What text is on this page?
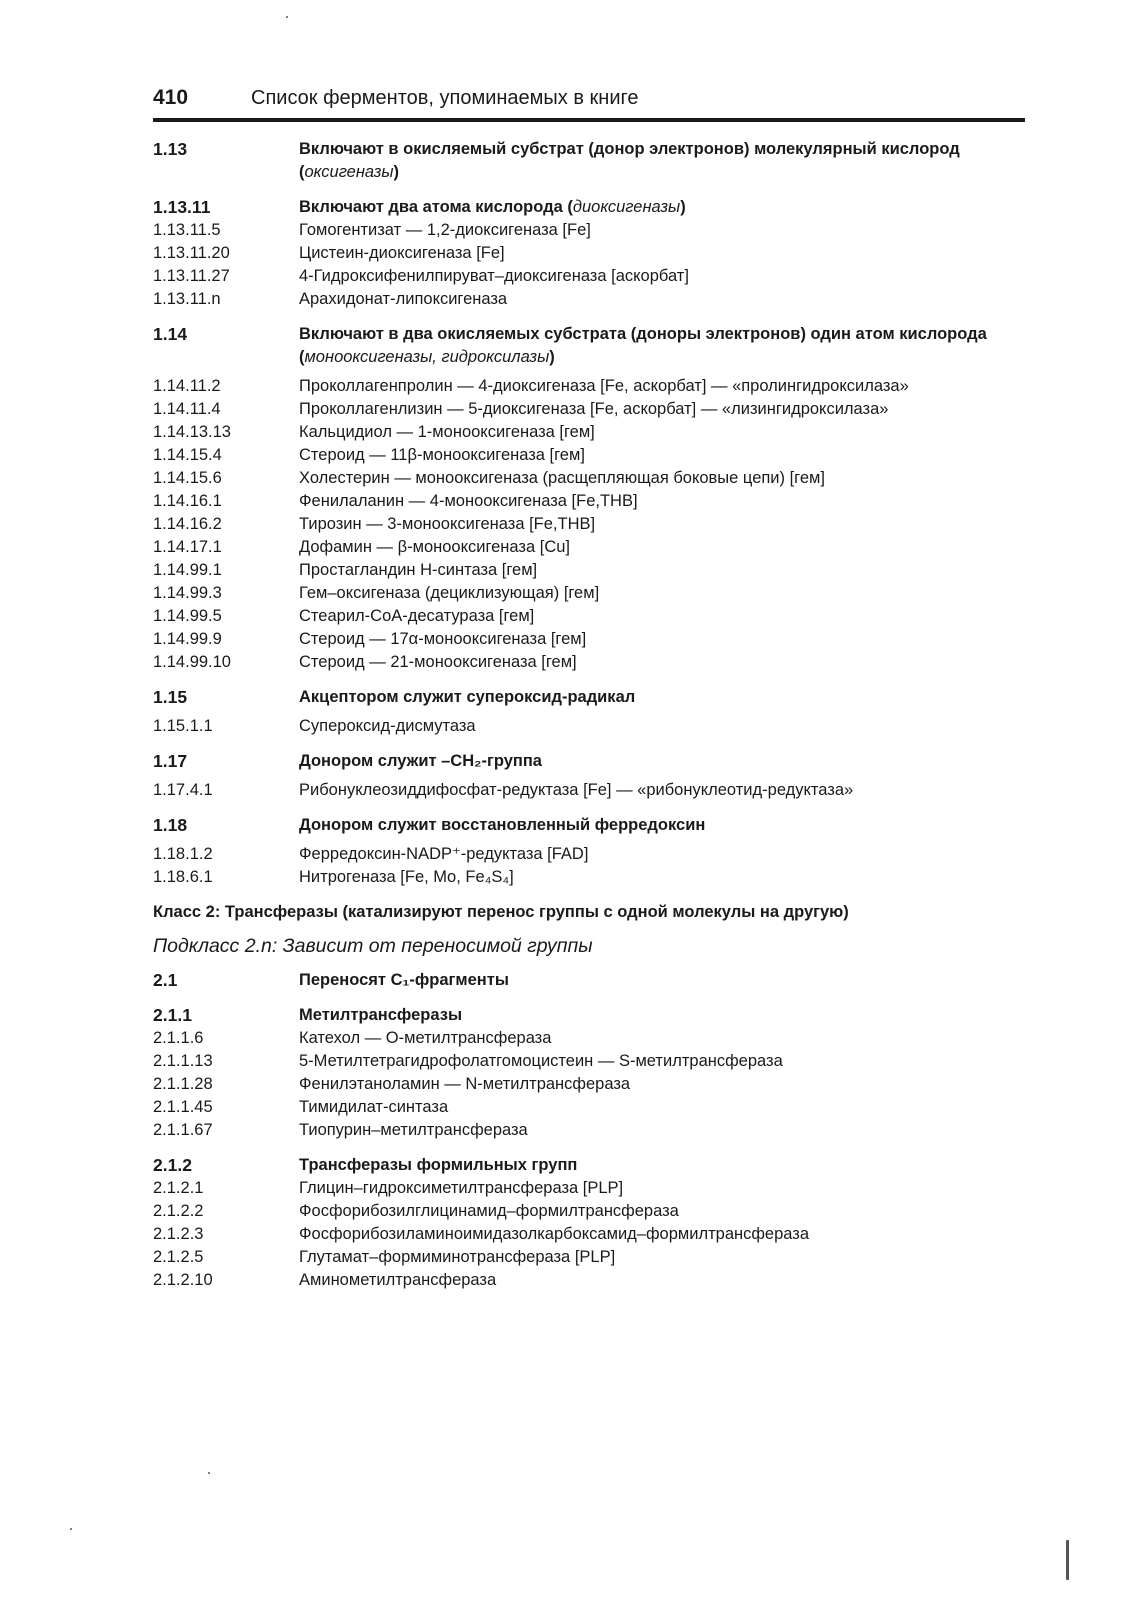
410	Список ферментов, упоминаемых в книге
1.13	Включают в окисляемый субстрат (донор электронов) молекулярный кислород (оксигеназы)
1.13.11	Включают два атома кислорода (диоксигеназы)
1.13.11.5	Гомогентизат — 1,2-диоксигеназа [Fe]
1.13.11.20	Цистеин-диоксигеназа [Fe]
1.13.11.27	4-Гидроксифенилпируват–диоксигеназа [аскорбат]
1.13.11.n	Арахидонат-липоксигеназа
1.14	Включают в два окисляемых субстрата (доноры электронов) один атом кислорода (монооксигеназы, гидроксилазы)
1.14.11.2	Проколлагенпролин — 4-диоксигеназа [Fe, аскорбат] — «пролингидроксилаза»
1.14.11.4	Проколлагенлизин — 5-диоксигеназа [Fe, аскорбат] — «лизингидроксилаза»
1.14.13.13	Кальцидиол — 1-монооксигеназа [гем]
1.14.15.4	Стероид — 11β-монооксигеназа [гем]
1.14.15.6	Холестерин — монооксигеназа (расщепляющая боковые цепи) [гем]
1.14.16.1	Фенилаланин — 4-монооксигеназа [Fe,THB]
1.14.16.2	Тирозин — 3-монооксигеназа [Fe,THB]
1.14.17.1	Дофамин — β-монооксигеназа [Cu]
1.14.99.1	Простагландин Н-синтаза [гем]
1.14.99.3	Гем–оксигеназа (дециклизующая) [гем]
1.14.99.5	Стеарил-СоА-десатураза [гем]
1.14.99.9	Стероид — 17α-монооксигеназа [гем]
1.14.99.10	Стероид — 21-монооксигеназа [гем]
1.15	Акцептором служит супероксид-радикал
1.15.1.1	Супероксид-дисмутаза
1.17	Донором служит –CH₂-группа
1.17.4.1	Рибонуклеозиддифосфат-редуктаза [Fe] — «рибонуклеотид-редуктаза»
1.18	Донором служит восстановленный ферредоксин
1.18.1.2	Ферредоксин-NADP⁺-редуктаза [FAD]
1.18.6.1	Нитрогеназа [Fe, Mo, Fe₄S₄]
Класс 2: Трансферазы (катализируют перенос группы с одной молекулы на другую)
Подкласс 2.n: Зависит от переносимой группы
2.1	Переносят C₁-фрагменты
2.1.1	Метилтрансферазы
2.1.1.6	Катехол — О-метилтрансфераза
2.1.1.13	5-Метилтетрагидрофолатгомоцистеин — S-метилтрансфераза
2.1.1.28	Фенилэтаноламин — N-метилтрансфераза
2.1.1.45	Тимидилат-синтаза
2.1.1.67	Тиопурин–метилтрансфераза
2.1.2	Трансферазы формильных групп
2.1.2.1	Глицин–гидроксиметилтрансфераза [PLP]
2.1.2.2	Фосфорибозилглицинамид–формилтрансфераза
2.1.2.3	Фосфорибозиламиноимидазолкарбоксамид–формилтрансфераза
2.1.2.5	Глутамат–формиминотрансфераза [PLP]
2.1.2.10	Аминометилтрансфераза
